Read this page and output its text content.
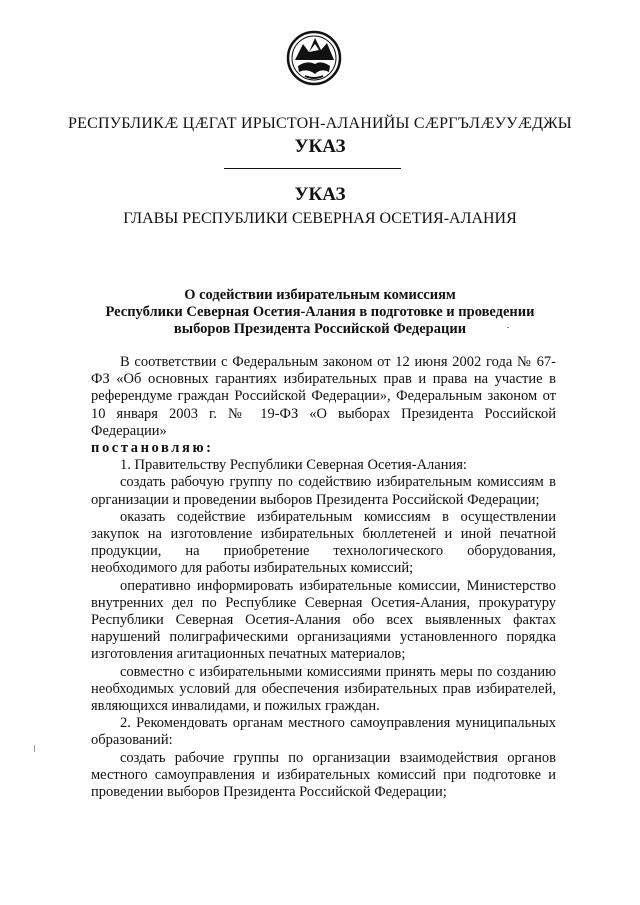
РЕСПУБЛИКӔ ЦӔГАТ ИРЫСТОН-АЛАНИЙЫ СӔРГЪЛӔУУӔДЖЫ
УКАЗ
УКАЗ
ГЛАВЫ РЕСПУБЛИКИ СЕВЕРНАЯ ОСЕТИЯ-АЛАНИЯ
О содействии избирательным комиссиям
Республики Северная Осетия-Алания в подготовке и проведении
выборов Президента Российской Федерации

В соответствии с Федеральным законом от 12 июня 2002 года № 67-ФЗ «Об основных гарантиях избирательных прав и права на участие в референдуме граждан Российской Федерации», Федеральным законом от 10 января 2003 г. № 19-ФЗ «О выборах Президента Российской Федерации»

постановляю:

1. Правительству Республики Северная Осетия-Алания:

создать рабочую группу по содействию избирательным комиссиям в организации и проведении выборов Президента Российской Федерации;

оказать содействие избирательным комиссиям в осуществлении закупок на изготовление избирательных бюллетеней и иной печатной продукции, на приобретение технологического оборудования, необходимого для работы избирательных комиссий;

оперативно информировать избирательные комиссии, Министерство внутренних дел по Республике Северная Осетия-Алания, прокуратуру Республики Северная Осетия-Алания обо всех выявленных фактах нарушений полиграфическими организациями установленного порядка изготовления агитационных печатных материалов;

совместно с избирательными комиссиями принять меры по созданию необходимых условий для обеспечения избирательных прав избирателей, являющихся инвалидами, и пожилых граждан.

2. Рекомендовать органам местного самоуправления муниципальных образований:

создать рабочие группы по организации взаимодействия органов местного самоуправления и избирательных комиссий при подготовке и проведении выборов Президента Российской Федерации;
